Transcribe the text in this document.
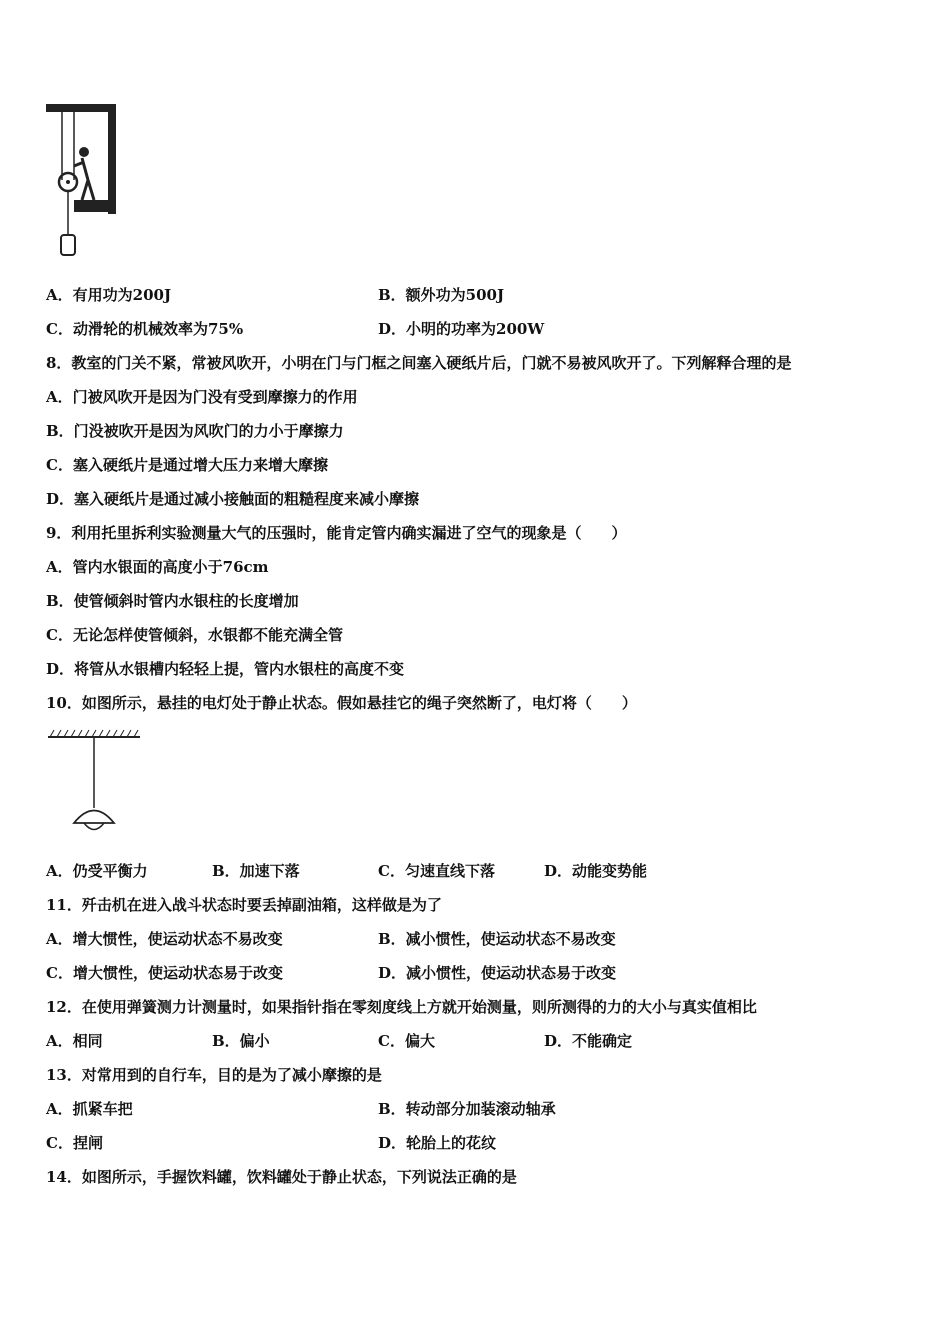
A．有用功为200J	B．额外功为500J
C．动滑轮的机械效率为75%	D．小明的功率为200W
8．教室的门关不紧，常被风吹开，小明在门与门框之间塞入硬纸片后，门就不易被风吹开了。下列解释合理的是
A．门被风吹开是因为门没有受到摩擦力的作用
B．门没被吹开是因为风吹门的力小于摩擦力
C．塞入硬纸片是通过增大压力来增大摩擦
D．塞入硬纸片是通过减小接触面的粗糙程度来减小摩擦
9．利用托里拆利实验测量大气的压强时，能肯定管内确实漏进了空气的现象是（　　）
A．管内水银面的高度小于76cm
B．使管倾斜时管内水银柱的长度增加
C．无论怎样使管倾斜，水银都不能充满全管
D．将管从水银槽内轻轻上提，管内水银柱的高度不变
10．如图所示，悬挂的电灯处于静止状态。假如悬挂它的绳子突然断了，电灯将（　　）
A．仍受平衡力	B．加速下落	C．匀速直线下落	D．动能变势能
11．歼击机在进入战斗状态时要丢掉副油箱，这样做是为了
A．增大惯性，使运动状态不易改变	B．减小惯性，使运动状态不易改变
C．增大惯性，使运动状态易于改变	D．减小惯性，使运动状态易于改变
12．在使用弹簧测力计测量时，如果指针指在零刻度线上方就开始测量，则所测得的力的大小与真实值相比
A．相同	B．偏小	C．偏大	D．不能确定
13．对常用到的自行车，目的是为了减小摩擦的是
A．抓紧车把	B．转动部分加装滚动轴承
C．捏闸	D．轮胎上的花纹
14．如图所示，手握饮料罐，饮料罐处于静止状态，下列说法正确的是
